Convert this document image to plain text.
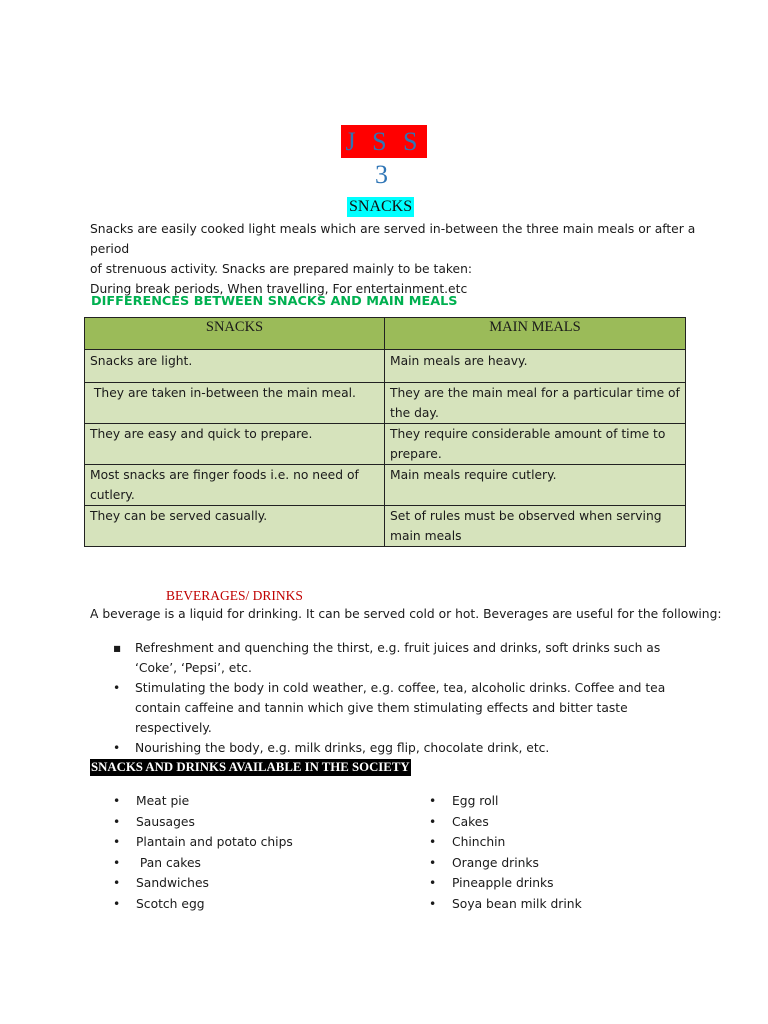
J S S 3
SNACKS

Snacks are easily cooked light meals which are served in-between the three main meals or after a period

of strenuous activity. Snacks are prepared mainly to be taken:

During break periods, When travelling, For entertainment.etc

DIFFERENCES BETWEEN SNACKS AND MAIN MEALS
SNACKS	MAIN MEALS
Snacks are light.	Main meals are heavy.
They are taken in-between the main meal.	They are the main meal for a particular time of the day.
They are easy and quick to prepare.	They require considerable amount of time to prepare.
Most snacks are finger foods i.e. no need of cutlery.	Main meals require cutlery.
They can be served casually.	Set of rules must be observed when serving main meals
BEVERAGES/ DRINKS
A beverage is a liquid for drinking. It can be served cold or hot. Beverages are useful for the following:
▪ Refreshment and quenching the thirst, e.g. fruit juices and drinks, soft drinks such as ‘Coke’, ‘Pepsi’, etc.
• Stimulating the body in cold weather, e.g. coffee, tea, alcoholic drinks. Coffee and tea contain caffeine and tannin which give them stimulating effects and bitter taste respectively.
• Nourishing the body, e.g. milk drinks, egg flip, chocolate drink, etc.
SNACKS AND DRINKS AVAILABLE IN THE SOCIETY
• Meat pie
• Sausages
• Plantain and potato chips
• Pan cakes
• Sandwiches
• Scotch egg
• Egg roll
• Cakes
• Chinchin
• Orange drinks
• Pineapple drinks
• Soya bean milk drink
